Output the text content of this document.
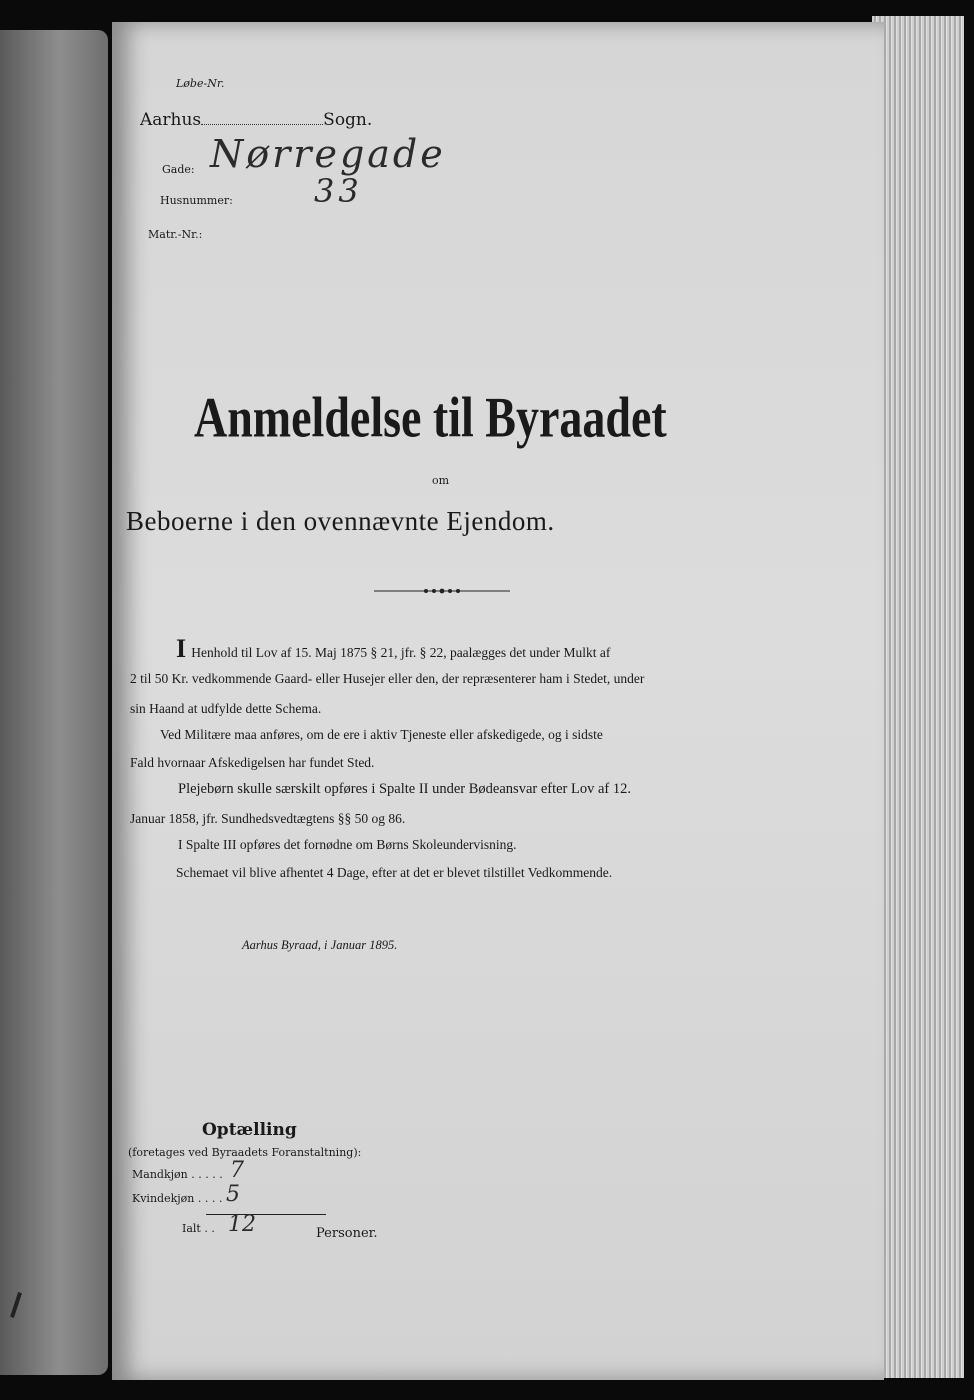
Løbe-Nr.
Aarhus	Sogn.
Gade: Nørregade
Husnummer:	33
Matr.-Nr.:
Anmeldelse til Byraadet
om
Beboerne i den ovennævnte Ejendom.
I Henhold til Lov af 15. Maj 1875 § 21, jfr. § 22, paalægges det under Mulkt af
2 til 50 Kr. vedkommende Gaard- eller Husejer eller den, der repræsenterer ham i Stedet, under
sin Haand at udfylde dette Schema.
Ved Militære maa anføres, om de ere i aktiv Tjeneste eller afskedigede, og i sidste
Fald hvornaar Afskedigelsen har fundet Sted.
Plejebørn skulle særskilt opføres i Spalte II under Bødeansvar efter Lov af 12.
Januar 1858, jfr. Sundhedsvedtægtens §§ 50 og 86.
I Spalte III opføres det fornødne om Børns Skoleundervisning.
Schemaet vil blive afhentet 4 Dage, efter at det er blevet tilstillet Vedkommende.
Aarhus Byraad, i Januar 1895.
Optælling
(foretages ved Byraadets Foranstaltning):
Mandkjøn . . . . . 7
Kvindekjøn . . . . 5
Ialt . . 12	Personer.
